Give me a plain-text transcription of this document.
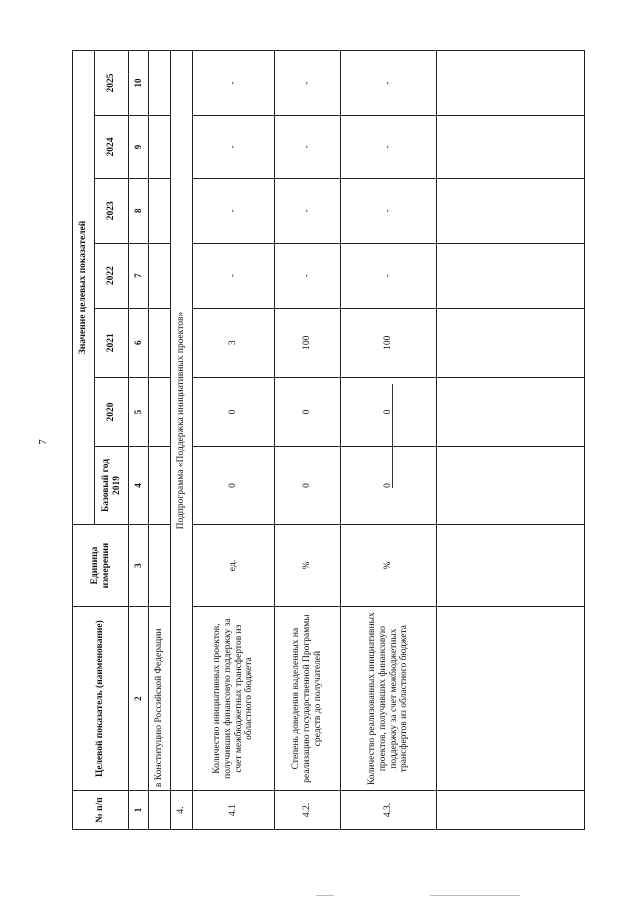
7
№ п/п	Целевой показатель (наименование)	Единица измерения	Значение целевых показателей						
			Базовый год 2019	2020	2021	2022	2023	2024	2025
1	2	3	4	5	6	7	8	9	10
	в Конституцию Российской Федерации								
4.	Подпрограмма «Поддержка инициативных проектов»								
4.1	Количество инициативных проектов, получивших финансовую поддержку за счет межбюджетных трансфертов из областного бюджета	ед.	0	0	3	-	-	-	-
4.2.	Степень доведения выделенных на реализацию государственной Программы средств до получателей	%	0	0	100	-	-	-	-
4.3.	Количество реализованных инициативных проектов, получивших финансовую поддержку за счет межбюджетных трансфертов из областного бюджета	%	0	0	100	-	-	-	-
